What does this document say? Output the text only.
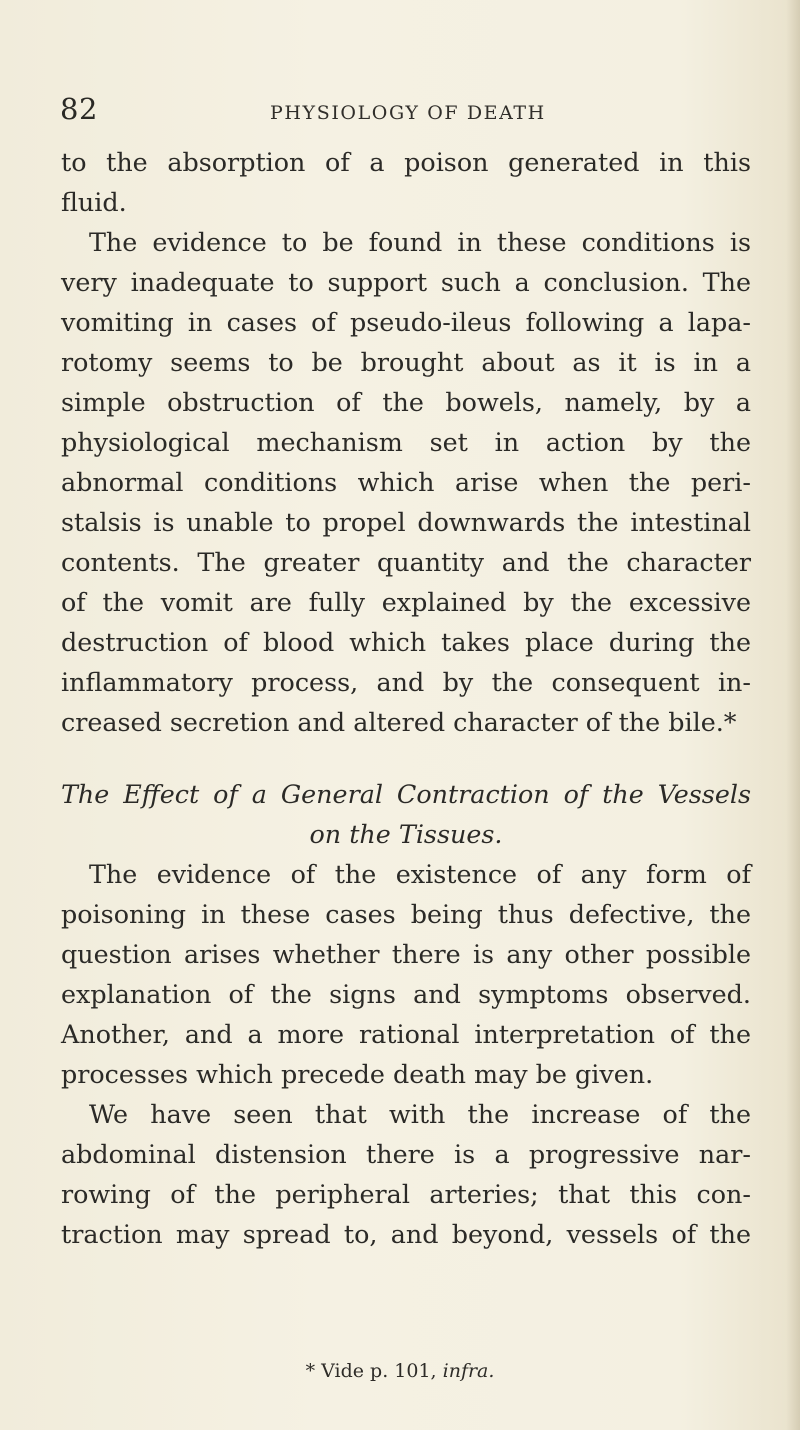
82	PHYSIOLOGY OF DEATH
to the absorption of a poison generated in this
fluid.
The evidence to be found in these conditions is
very inadequate to support such a conclusion. The
vomiting in cases of pseudo-ileus following a lapa-
rotomy seems to be brought about as it is in a
simple obstruction of the bowels, namely, by a
physiological mechanism set in action by the
abnormal conditions which arise when the peri-
stalsis is unable to propel downwards the intestinal
contents. The greater quantity and the character
of the vomit are fully explained by the excessive
destruction of blood which takes place during the
inflammatory process, and by the consequent in-
creased secretion and altered character of the bile.*
The Effect of a General Contraction of the Vessels
on the Tissues.
The evidence of the existence of any form of
poisoning in these cases being thus defective, the
question arises whether there is any other possible
explanation of the signs and symptoms observed.
Another, and a more rational interpretation of the
processes which precede death may be given.
We have seen that with the increase of the
abdominal distension there is a progressive nar-
rowing of the peripheral arteries; that this con-
traction may spread to, and beyond, vessels of the
* Vide p. 101, infra.
